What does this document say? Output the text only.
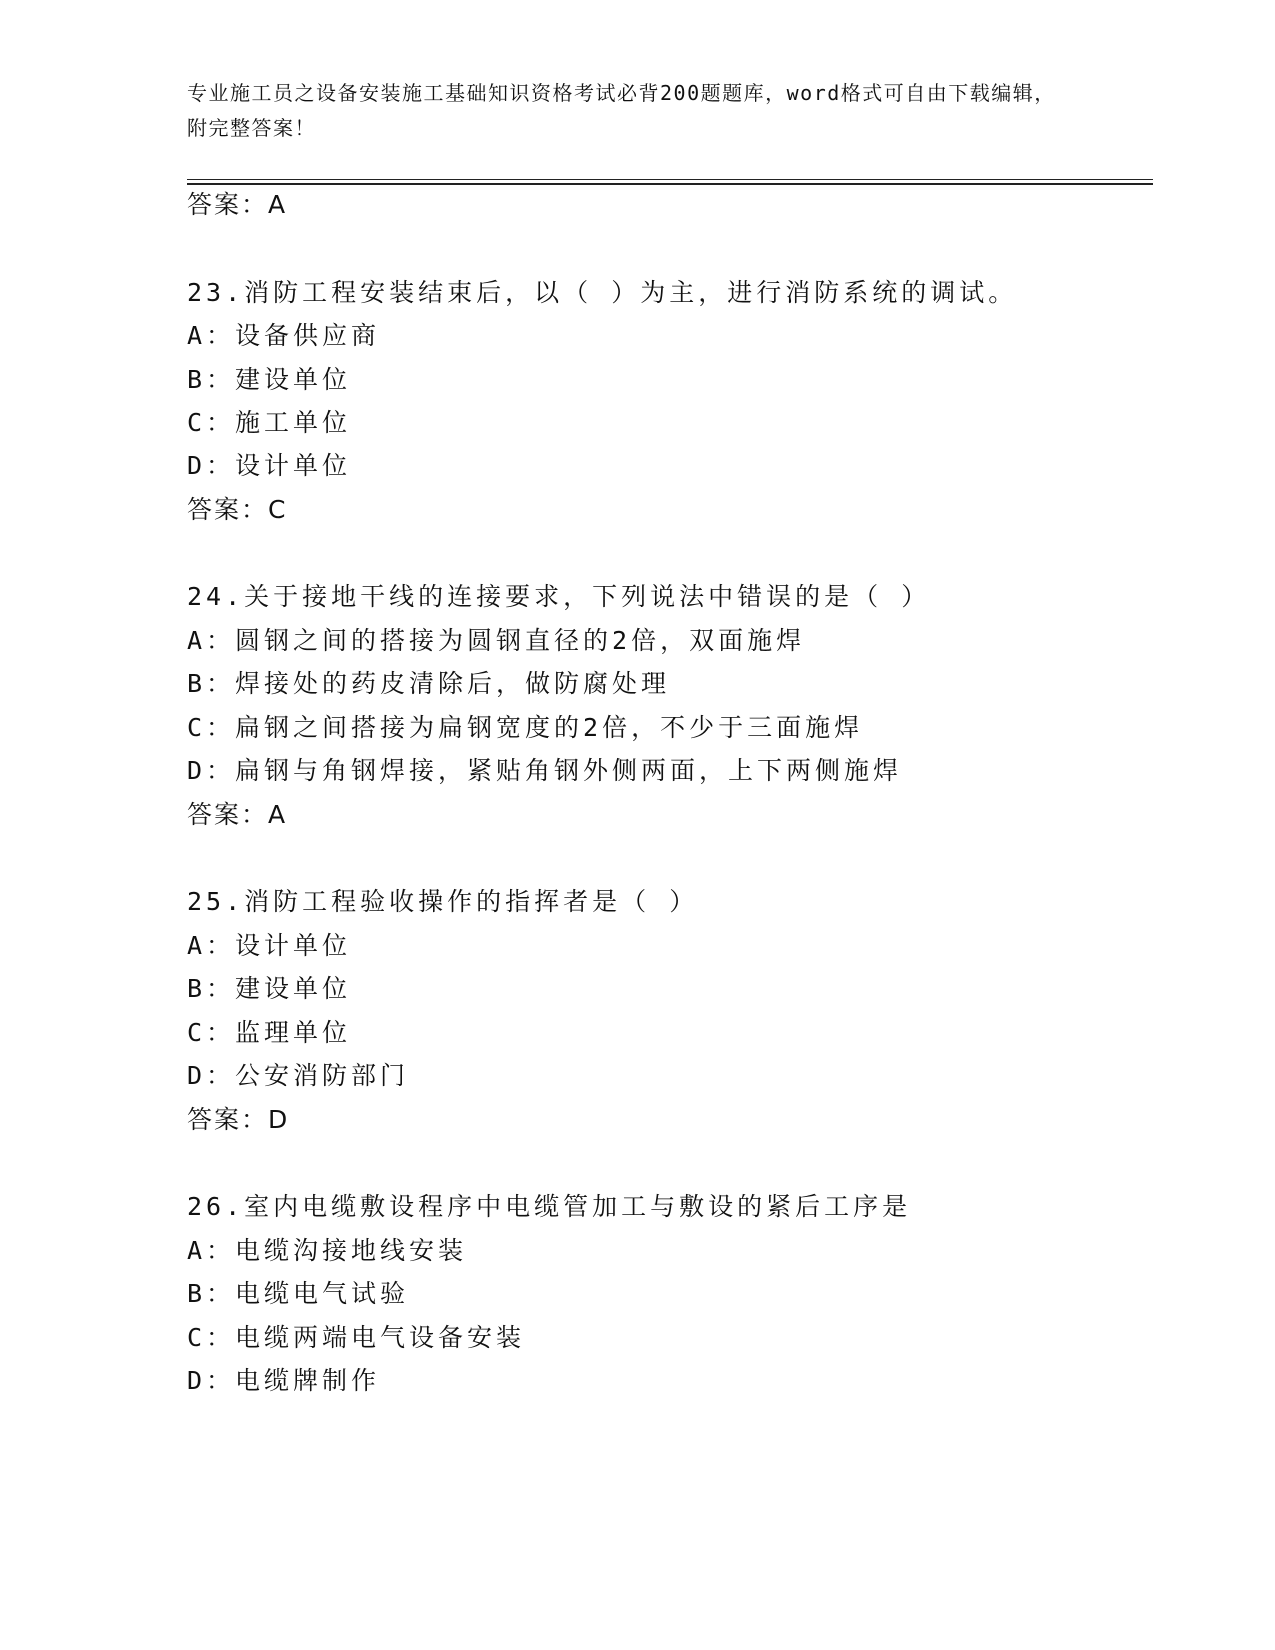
专业施工员之设备安装施工基础知识资格考试必背200题题库，word格式可自由下载编辑，附完整答案！

答案：A

23.消防工程安装结束后，以（ ）为主，进行消防系统的调试。

A：设备供应商

B：建设单位

C：施工单位

D：设计单位

答案：C

24.关于接地干线的连接要求，下列说法中错误的是（ ）

A：圆钢之间的搭接为圆钢直径的2倍，双面施焊

B：焊接处的药皮清除后，做防腐处理

C：扁钢之间搭接为扁钢宽度的2倍，不少于三面施焊

D：扁钢与角钢焊接，紧贴角钢外侧两面，上下两侧施焊

答案：A

25.消防工程验收操作的指挥者是（ ）

A：设计单位

B：建设单位

C：监理单位

D：公安消防部门

答案：D

26.室内电缆敷设程序中电缆管加工与敷设的紧后工序是

A：电缆沟接地线安装

B：电缆电气试验

C：电缆两端电气设备安装

D：电缆牌制作
